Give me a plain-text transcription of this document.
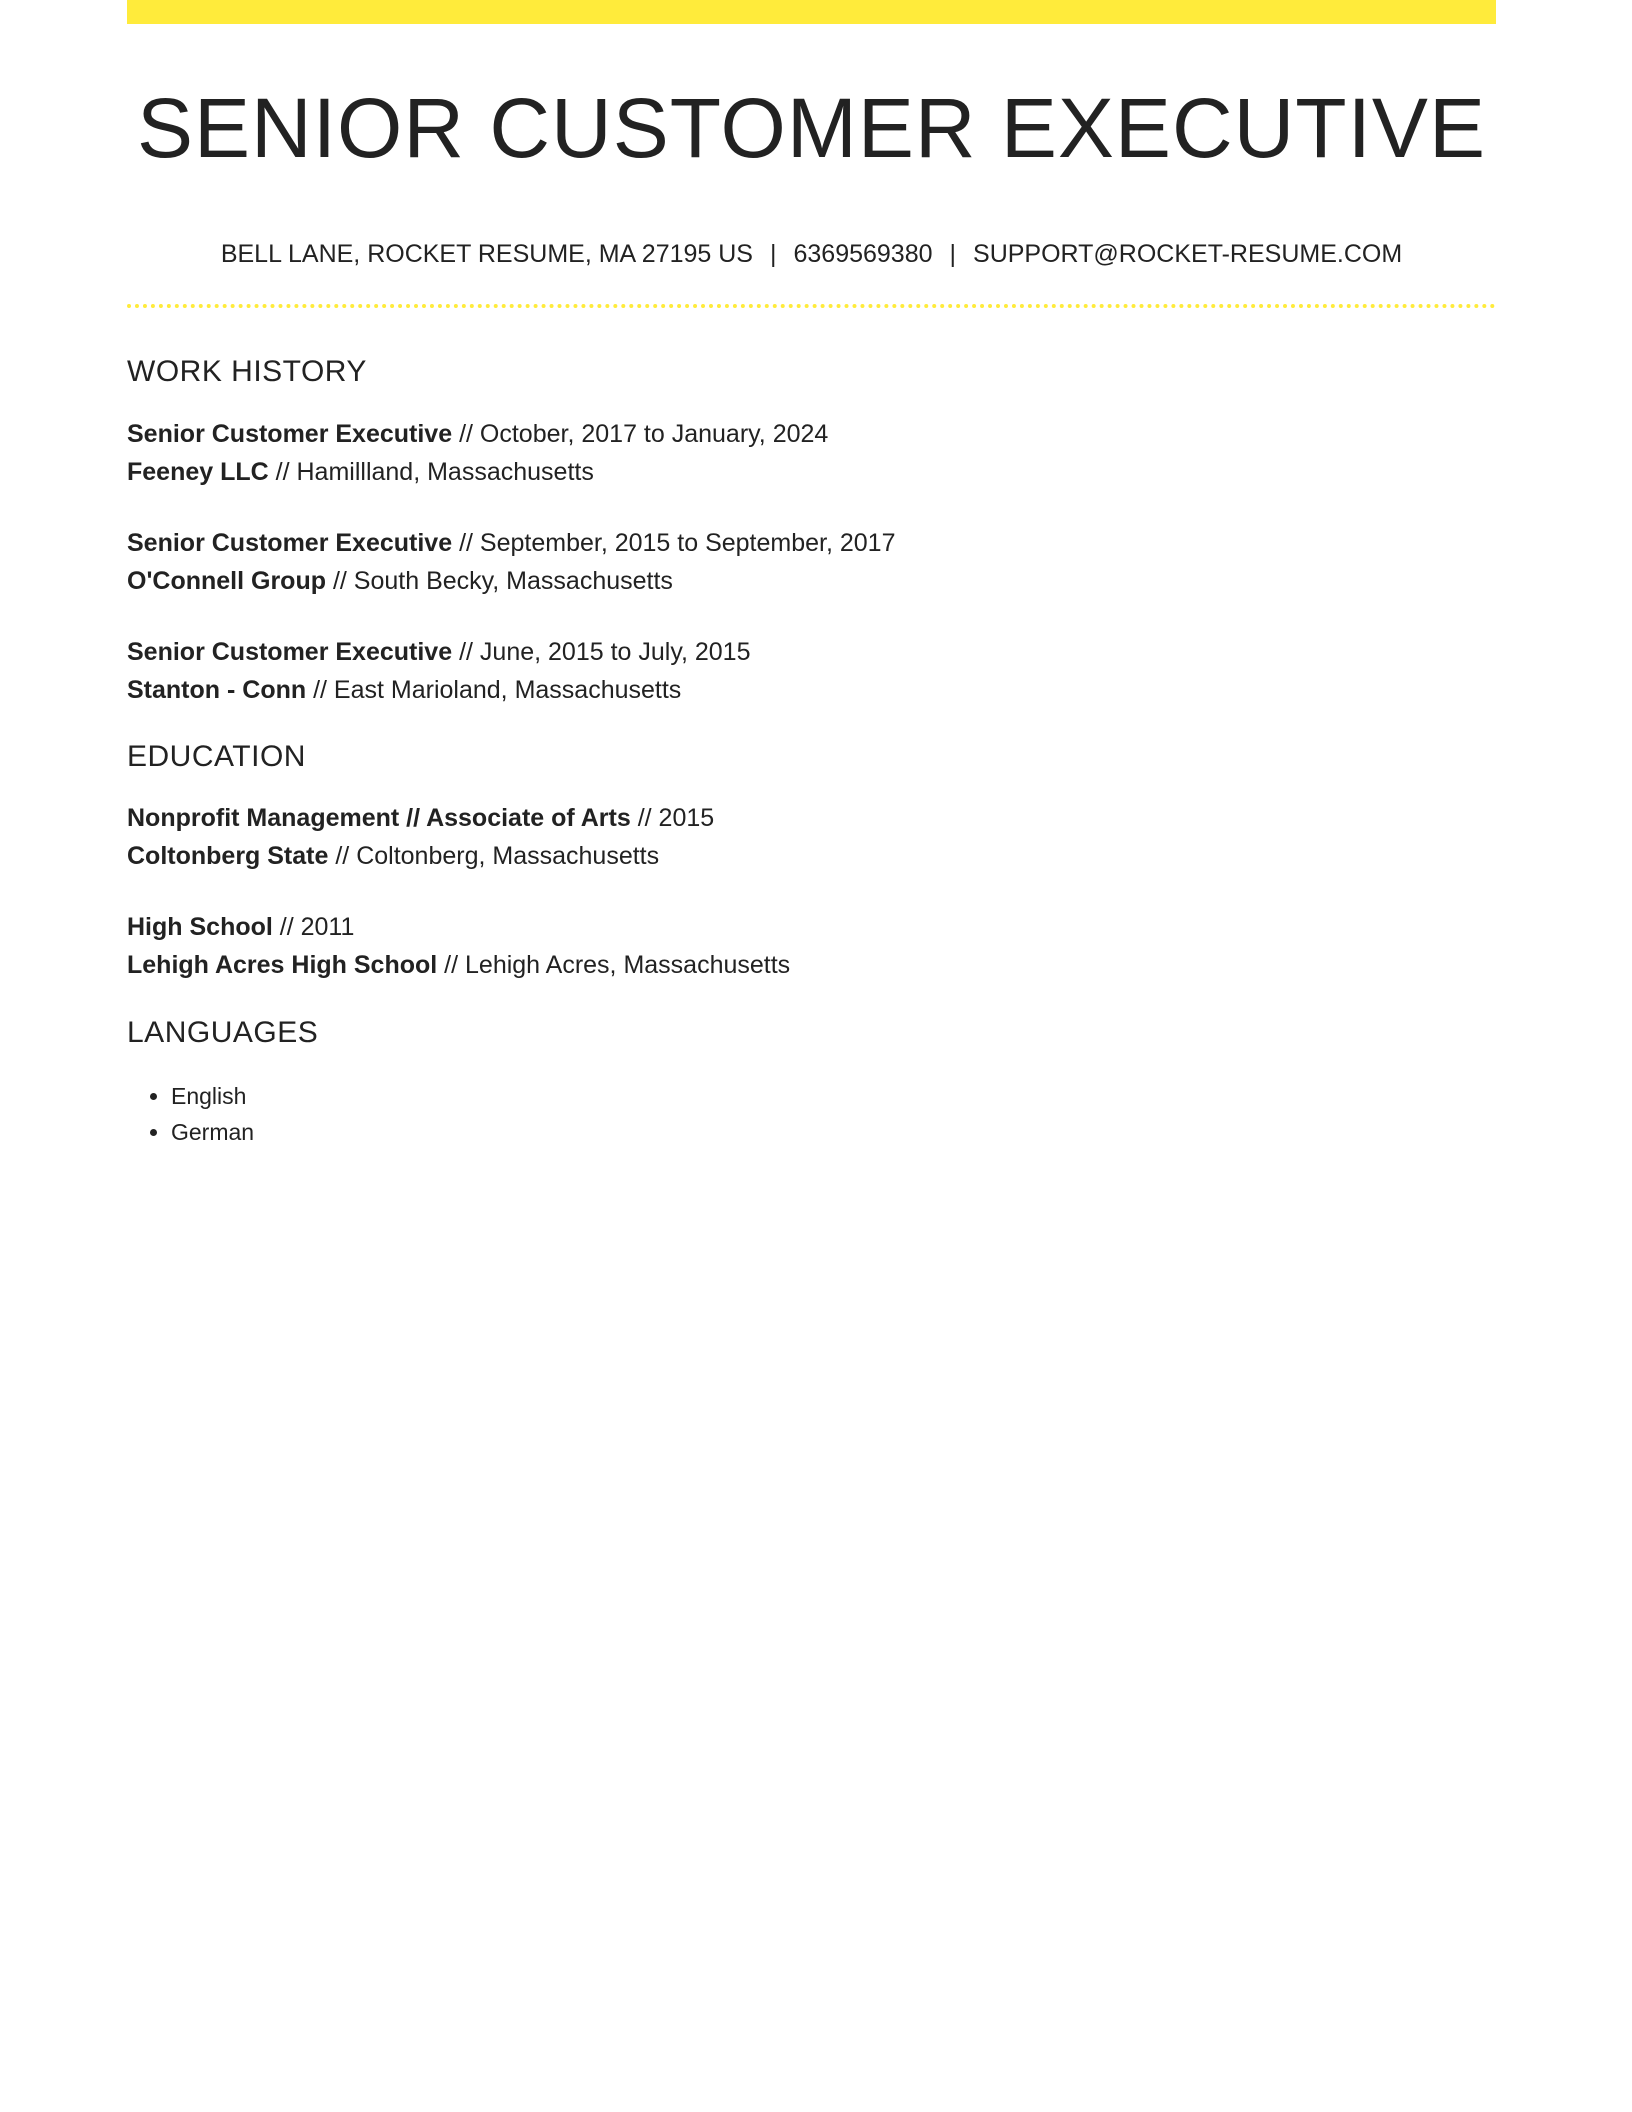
SENIOR CUSTOMER EXECUTIVE
BELL LANE, ROCKET RESUME, MA 27195 US | 6369569380 | SUPPORT@ROCKET-RESUME.COM
WORK HISTORY
Senior Customer Executive // October, 2017 to January, 2024
Feeney LLC // Hamillland, Massachusetts
Senior Customer Executive // September, 2015 to September, 2017
O'Connell Group // South Becky, Massachusetts
Senior Customer Executive // June, 2015 to July, 2015
Stanton - Conn // East Marioland, Massachusetts
EDUCATION
Nonprofit Management // Associate of Arts // 2015
Coltonberg State // Coltonberg, Massachusetts
High School // 2011
Lehigh Acres High School // Lehigh Acres, Massachusetts
LANGUAGES
• English
• German
